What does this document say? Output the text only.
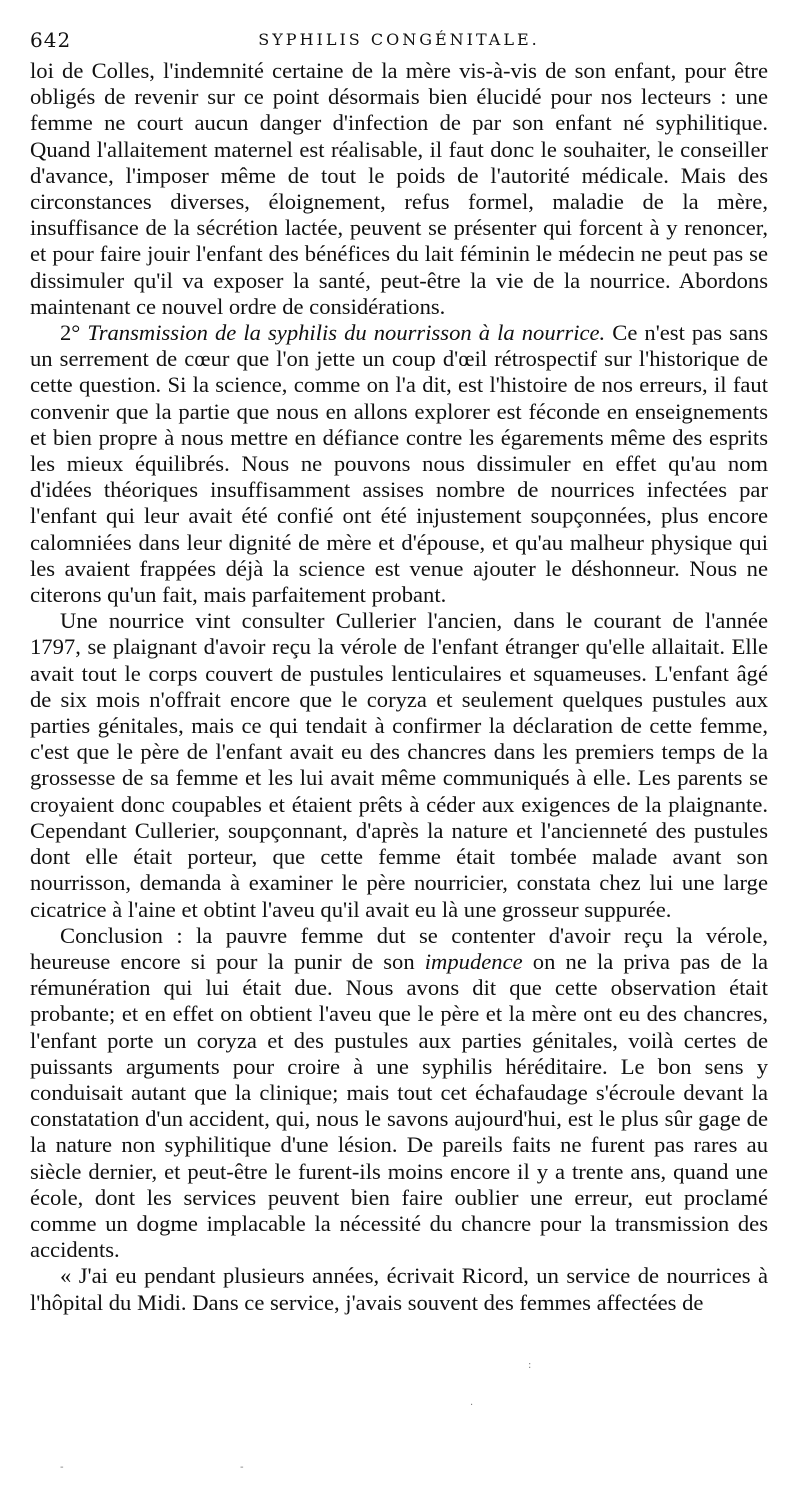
642	SYPHILIS CONGÉNITALE.

loi de Colles, l'indemnité certaine de la mère vis-à-vis de son enfant, pour être obligés de revenir sur ce point désormais bien élucidé pour nos lecteurs : une femme ne court aucun danger d'infection de par son enfant né syphilitique. Quand l'allaitement maternel est réalisable, il faut donc le souhaiter, le conseiller d'avance, l'imposer même de tout le poids de l'autorité médicale. Mais des circonstances diverses, éloignement, refus formel, maladie de la mère, insuffisance de la sécrétion lactée, peuvent se présenter qui forcent à y renoncer, et pour faire jouir l'enfant des bénéfices du lait féminin le médecin ne peut pas se dissimuler qu'il va exposer la santé, peut-être la vie de la nourrice. Abordons maintenant ce nouvel ordre de considérations.

2° Transmission de la syphilis du nourrisson à la nourrice. Ce n'est pas sans un serrement de cœur que l'on jette un coup d'œil rétrospectif sur l'historique de cette question. Si la science, comme on l'a dit, est l'histoire de nos erreurs, il faut convenir que la partie que nous en allons explorer est féconde en enseignements et bien propre à nous mettre en défiance contre les égarements même des esprits les mieux équilibrés. Nous ne pouvons nous dissimuler en effet qu'au nom d'idées théoriques insuffisamment assises nombre de nourrices infectées par l'enfant qui leur avait été confié ont été injustement soupçonnées, plus encore calomniées dans leur dignité de mère et d'épouse, et qu'au malheur physique qui les avaient frappées déjà la science est venue ajouter le déshonneur. Nous ne citerons qu'un fait, mais parfaitement probant.

Une nourrice vint consulter Cullerier l'ancien, dans le courant de l'année 1797, se plaignant d'avoir reçu la vérole de l'enfant étranger qu'elle allaitait. Elle avait tout le corps couvert de pustules lenticulaires et squameuses. L'enfant âgé de six mois n'offrait encore que le coryza et seulement quelques pustules aux parties génitales, mais ce qui tendait à confirmer la déclaration de cette femme, c'est que le père de l'enfant avait eu des chancres dans les premiers temps de la grossesse de sa femme et les lui avait même communiqués à elle. Les parents se croyaient donc coupables et étaient prêts à céder aux exigences de la plaignante. Cependant Cullerier, soupçonnant, d'après la nature et l'ancienneté des pustules dont elle était porteur, que cette femme était tombée malade avant son nourrisson, demanda à examiner le père nourricier, constata chez lui une large cicatrice à l'aine et obtint l'aveu qu'il avait eu là une grosseur suppurée.

Conclusion : la pauvre femme dut se contenter d'avoir reçu la vérole, heureuse encore si pour la punir de son impudence on ne la priva pas de la rémunération qui lui était due. Nous avons dit que cette observation était probante; et en effet on obtient l'aveu que le père et la mère ont eu des chancres, l'enfant porte un coryza et des pustules aux parties génitales, voilà certes de puissants arguments pour croire à une syphilis héréditaire. Le bon sens y conduisait autant que la clinique; mais tout cet échafaudage s'écroule devant la constatation d'un accident, qui, nous le savons aujourd'hui, est le plus sûr gage de la nature non syphilitique d'une lésion. De pareils faits ne furent pas rares au siècle dernier, et peut-être le furent-ils moins encore il y a trente ans, quand une école, dont les services peuvent bien faire oublier une erreur, eut proclamé comme un dogme implacable la nécessité du chancre pour la transmission des accidents.

« J'ai eu pendant plusieurs années, écrivait Ricord, un service de nourrices à l'hôpital du Midi. Dans ce service, j'avais souvent des femmes affectées de

:
·
-	-
